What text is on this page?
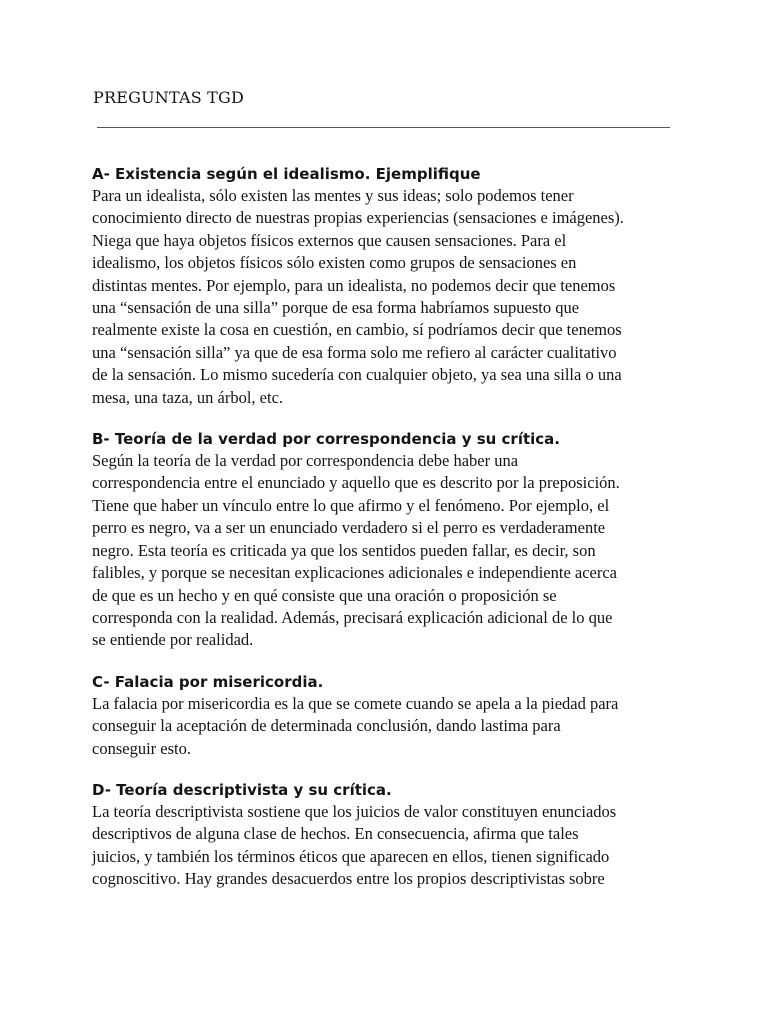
PREGUNTAS TGD
A- Existencia según el idealismo. Ejemplifique

Para un idealista, sólo existen las mentes y sus ideas; solo podemos tener
conocimiento directo de nuestras propias experiencias (sensaciones e imágenes).
Niega que haya objetos físicos externos que causen sensaciones. Para el
idealismo, los objetos físicos sólo existen como grupos de sensaciones en
distintas mentes. Por ejemplo, para un idealista, no podemos decir que tenemos
una “sensación de una silla” porque de esa forma habríamos supuesto que
realmente existe la cosa en cuestión, en cambio, sí podríamos decir que tenemos
una “sensación silla” ya que de esa forma solo me refiero al carácter cualitativo
de la sensación. Lo mismo sucedería con cualquier objeto, ya sea una silla o una
mesa, una taza, un árbol, etc.

B- Teoría de la verdad por correspondencia y su crítica.

Según la teoría de la verdad por correspondencia debe haber una
correspondencia entre el enunciado y aquello que es descrito por la preposición.
Tiene que haber un vínculo entre lo que afirmo y el fenómeno. Por ejemplo, el
perro es negro, va a ser un enunciado verdadero si el perro es verdaderamente
negro. Esta teoría es criticada ya que los sentidos pueden fallar, es decir, son
falibles, y porque se necesitan explicaciones adicionales e independiente acerca
de que es un hecho y en qué consiste que una oración o proposición se
corresponda con la realidad. Además, precisará explicación adicional de lo que
se entiende por realidad.

C- Falacia por misericordia.

La falacia por misericordia es la que se comete cuando se apela a la piedad para
conseguir la aceptación de determinada conclusión, dando lastima para
conseguir esto.

D- Teoría descriptivista y su crítica.

La teoría descriptivista sostiene que los juicios de valor constituyen enunciados
descriptivos de alguna clase de hechos. En consecuencia, afirma que tales
juicios, y también los términos éticos que aparecen en ellos, tienen significado
cognoscitivo. Hay grandes desacuerdos entre los propios descriptivistas sobre
